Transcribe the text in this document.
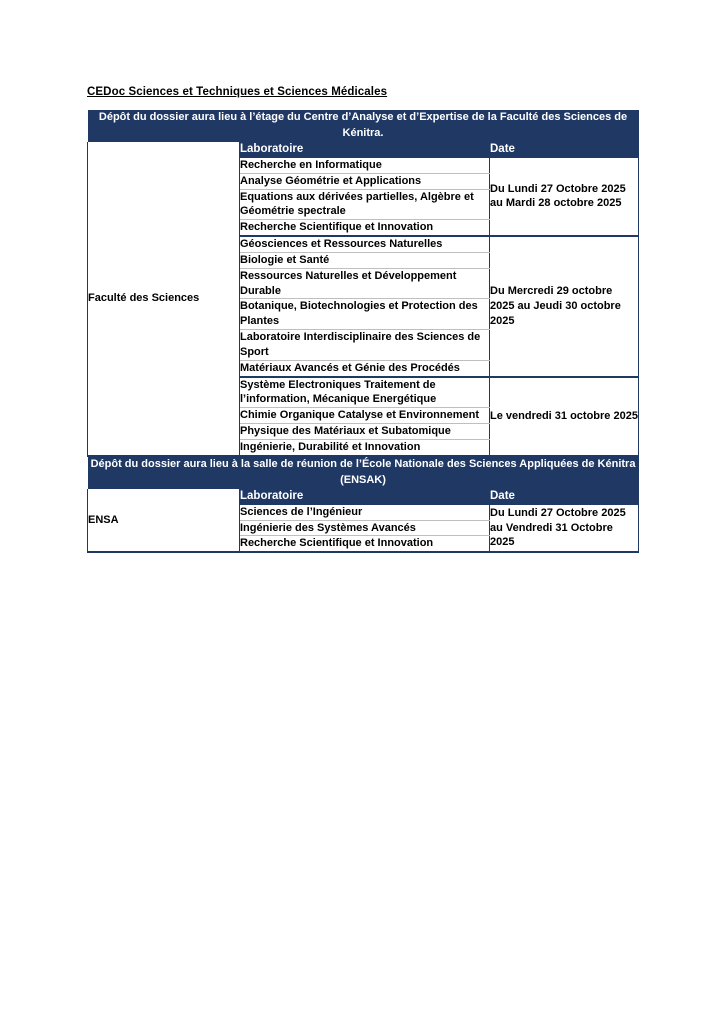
CEDoc Sciences et Techniques et Sciences Médicales
Dépôt du dossier aura lieu à l’étage du Centre d’Analyse et d’Expertise de la Faculté des Sciences de Kénitra.		
Faculté des Sciences	Laboratoire	Date
	Recherche en Informatique	Du Lundi 27 Octobre 2025 au Mardi 28 octobre 2025
	Analyse Géométrie et Applications	
	Equations aux dérivées partielles, Algèbre et Géométrie spectrale	
	Recherche Scientifique et Innovation	
	Géosciences et Ressources Naturelles	Du Mercredi 29 octobre 2025 au Jeudi 30 octobre 2025
	Biologie et Santé	
	Ressources Naturelles et Développement Durable	
	Botanique, Biotechnologies et Protection des Plantes	
	Laboratoire Interdisciplinaire des Sciences de Sport	
	Matériaux Avancés et Génie des Procédés	
	Système Electroniques Traitement de l’information, Mécanique Energétique	Le vendredi 31 octobre 2025
	Chimie Organique Catalyse et Environnement	
	Physique des Matériaux et Subatomique	
	Ingénierie, Durabilité et Innovation	
Dépôt du dossier aura lieu à la salle de réunion de l’École Nationale des Sciences Appliquées de Kénitra (ENSAK)		
ENSA	Laboratoire	Date
	Sciences de l’Ingénieur	Du Lundi 27 Octobre 2025 au Vendredi 31 Octobre 2025
	Ingénierie des Systèmes Avancés	
	Recherche Scientifique et Innovation	
